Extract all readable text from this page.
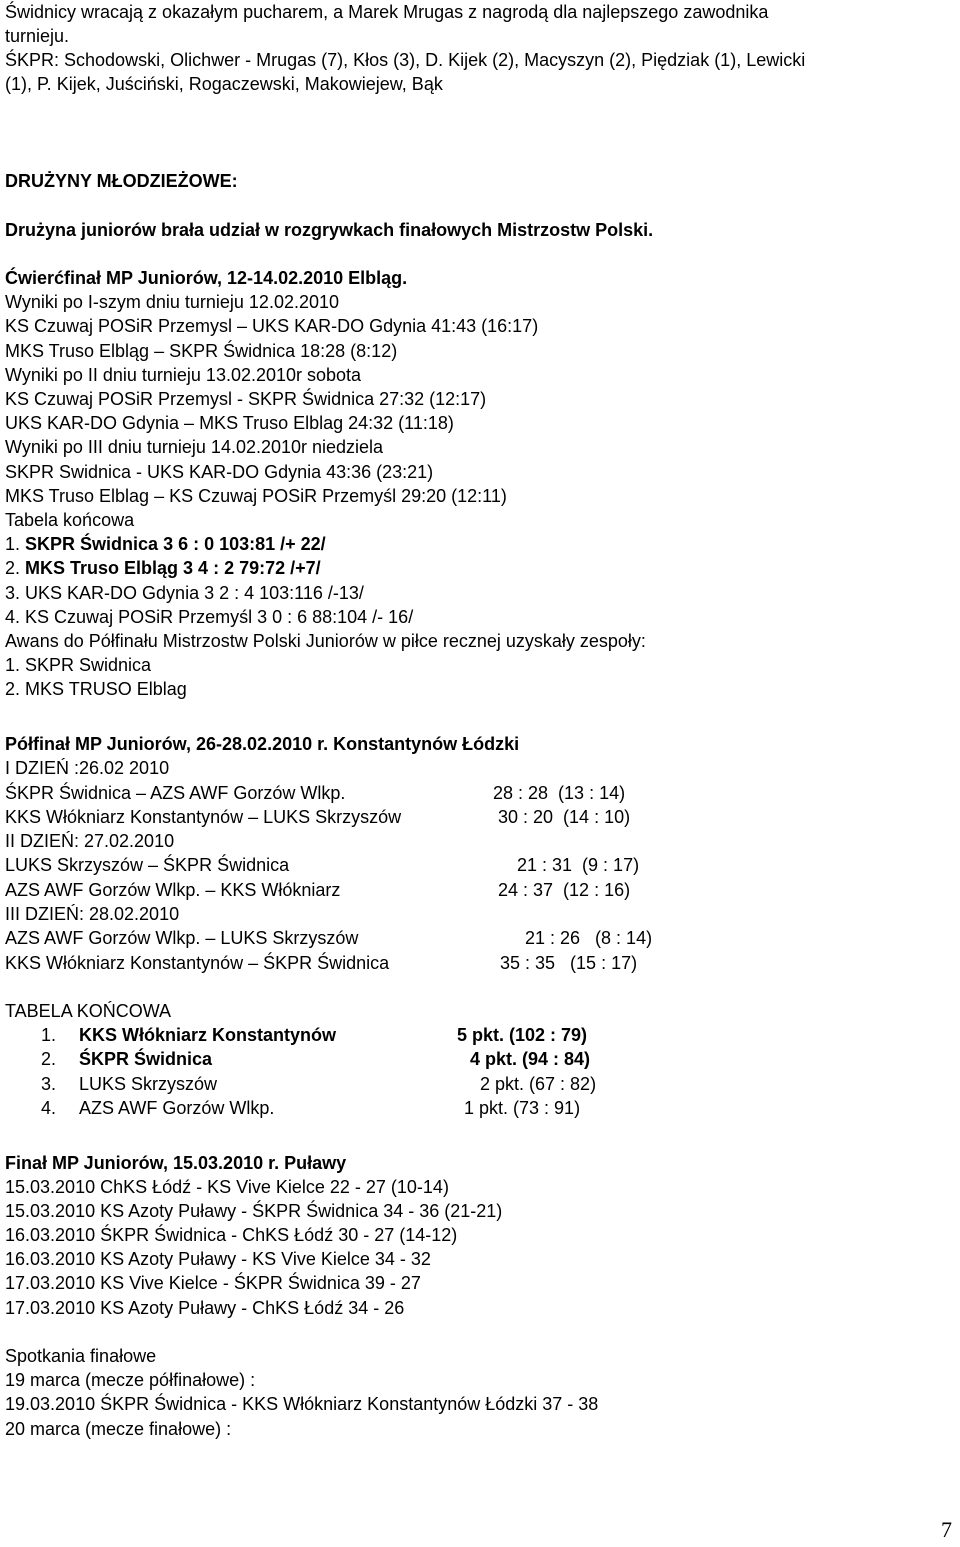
Świdnicy wracają z okazałym pucharem, a Marek Mrugas z nagrodą dla najlepszego zawodnika
turnieju.
ŚKPR: Schodowski, Olichwer - Mrugas (7), Kłos (3), D. Kijek (2), Macyszyn (2), Piędziak (1), Lewicki
(1), P. Kijek, Juściński, Rogaczewski, Makowiejew, Bąk
DRUŻYNY MŁODZIEŻOWE:
Drużyna juniorów brała udział w rozgrywkach finałowych Mistrzostw Polski.
Ćwierćfinał MP Juniorów, 12-14.02.2010 Elbląg.
Wyniki po I-szym dniu turnieju 12.02.2010
KS Czuwaj POSiR Przemysl – UKS KAR-DO Gdynia 41:43 (16:17)
MKS Truso Elbląg – SKPR Świdnica 18:28 (8:12)
Wyniki po II dniu turnieju 13.02.2010r sobota
KS Czuwaj POSiR Przemysl - SKPR Świdnica 27:32 (12:17)
UKS KAR-DO Gdynia – MKS Truso Elblag 24:32 (11:18)
Wyniki po III dniu turnieju 14.02.2010r niedziela
SKPR Swidnica - UKS KAR-DO Gdynia 43:36 (23:21)
MKS Truso Elblag – KS Czuwaj POSiR Przemyśl 29:20 (12:11)
Tabela końcowa
1. SKPR Świdnica 3 6 : 0 103:81 /+ 22/
2. MKS Truso Elbląg 3 4 : 2 79:72 /+7/
3. UKS KAR-DO Gdynia 3 2 : 4 103:116 /-13/
4. KS Czuwaj POSiR Przemyśl 3 0 : 6 88:104 /- 16/
Awans do Półfinału Mistrzostw Polski Juniorów w piłce recznej uzyskały zespoły:
1. SKPR Swidnica
2. MKS TRUSO Elblag
Półfinał MP Juniorów, 26-28.02.2010 r. Konstantynów Łódzki
I DZIEŃ :26.02 2010
ŚKPR Świdnica – AZS AWF Gorzów Wlkp.	28 : 28  (13 : 14)
KKS Włókniarz Konstantynów – LUKS Skrzyszów	30 : 20  (14 : 10)
II DZIEŃ: 27.02.2010
LUKS Skrzyszów – ŚKPR Świdnica	21 : 31  (9 : 17)
AZS AWF Gorzów Wlkp. – KKS Włókniarz	24 : 37  (12 : 16)
III DZIEŃ: 28.02.2010
AZS AWF Gorzów Wlkp. – LUKS Skrzyszów	21 : 26   (8 : 14)
KKS Włókniarz Konstantynów – ŚKPR Świdnica	35 : 35   (15 : 17)
TABELA KOŃCOWA
1. KKS Włókniarz Konstantynów	5 pkt. (102 : 79)
2. ŚKPR Świdnica	4 pkt. (94 : 84)
3. LUKS Skrzyszów	2 pkt. (67 : 82)
4. AZS AWF Gorzów Wlkp.	1 pkt. (73 : 91)
Finał MP Juniorów, 15.03.2010 r. Puławy
15.03.2010 ChKS Łódź - KS Vive Kielce 22 - 27 (10-14)
15.03.2010 KS Azoty Puławy - ŚKPR Świdnica 34 - 36 (21-21)
16.03.2010 ŚKPR Świdnica - ChKS Łódź 30 - 27 (14-12)
16.03.2010 KS Azoty Puławy - KS Vive Kielce 34 - 32
17.03.2010 KS Vive Kielce - ŚKPR Świdnica 39 - 27
17.03.2010 KS Azoty Puławy - ChKS Łódź 34 - 26
Spotkania finałowe
19 marca (mecze półfinałowe) :
19.03.2010 ŚKPR Świdnica - KKS Włókniarz Konstantynów Łódzki 37 - 38
20 marca (mecze finałowe) :
7
